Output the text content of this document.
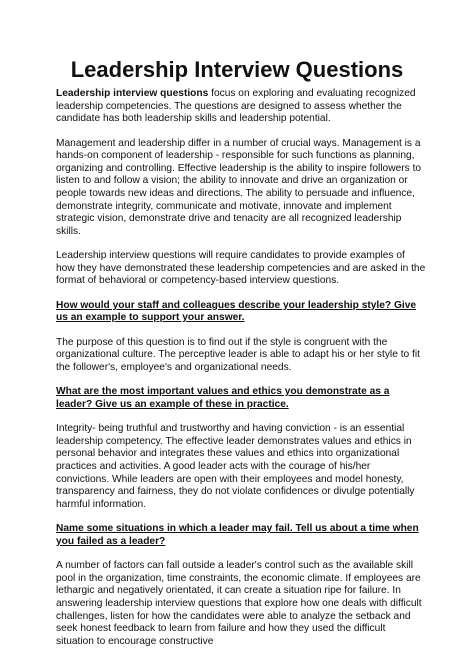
Leadership Interview Questions

Leadership interview questions focus on exploring and evaluating recognized leadership competencies. The questions are designed to assess whether the candidate has both leadership skills and leadership potential.

Management and leadership differ in a number of crucial ways. Management is a hands-on component of leadership - responsible for such functions as planning, organizing and controlling. Effective leadership is the ability to inspire followers to listen to and follow a vision; the ability to innovate and drive an organization or people towards new ideas and directions. The ability to persuade and influence, demonstrate integrity, communicate and motivate, innovate and implement strategic vision, demonstrate drive and tenacity are all recognized leadership skills.

Leadership interview questions will require candidates to provide examples of how they have demonstrated these leadership competencies and are asked in the format of behavioral or competency-based interview questions.

How would your staff and colleagues describe your leadership style? Give us an example to support your answer.

The purpose of this question is to find out if the style is congruent with the organizational culture. The perceptive leader is able to adapt his or her style to fit the follower's, employee's and organizational needs.

What are the most important values and ethics you demonstrate as a leader? Give us an example of these in practice.

Integrity- being truthful and trustworthy and having conviction - is an essential leadership competency. The effective leader demonstrates values and ethics in personal behavior and integrates these values and ethics into organizational practices and activities. A good leader acts with the courage of his/her convictions. While leaders are open with their employees and model honesty, transparency and fairness, they do not violate confidences or divulge potentially harmful information.

Name some situations in which a leader may fail. Tell us about a time when you failed as a leader?

A number of factors can fall outside a leader's control such as the available skill pool in the organization, time constraints, the economic climate. If employees are lethargic and negatively orientated, it can create a situation ripe for failure. In answering leadership interview questions that explore how one deals with difficult challenges, listen for how the candidates were able to analyze the setback and seek honest feedback to learn from failure and how they used the difficult situation to encourage constructive
